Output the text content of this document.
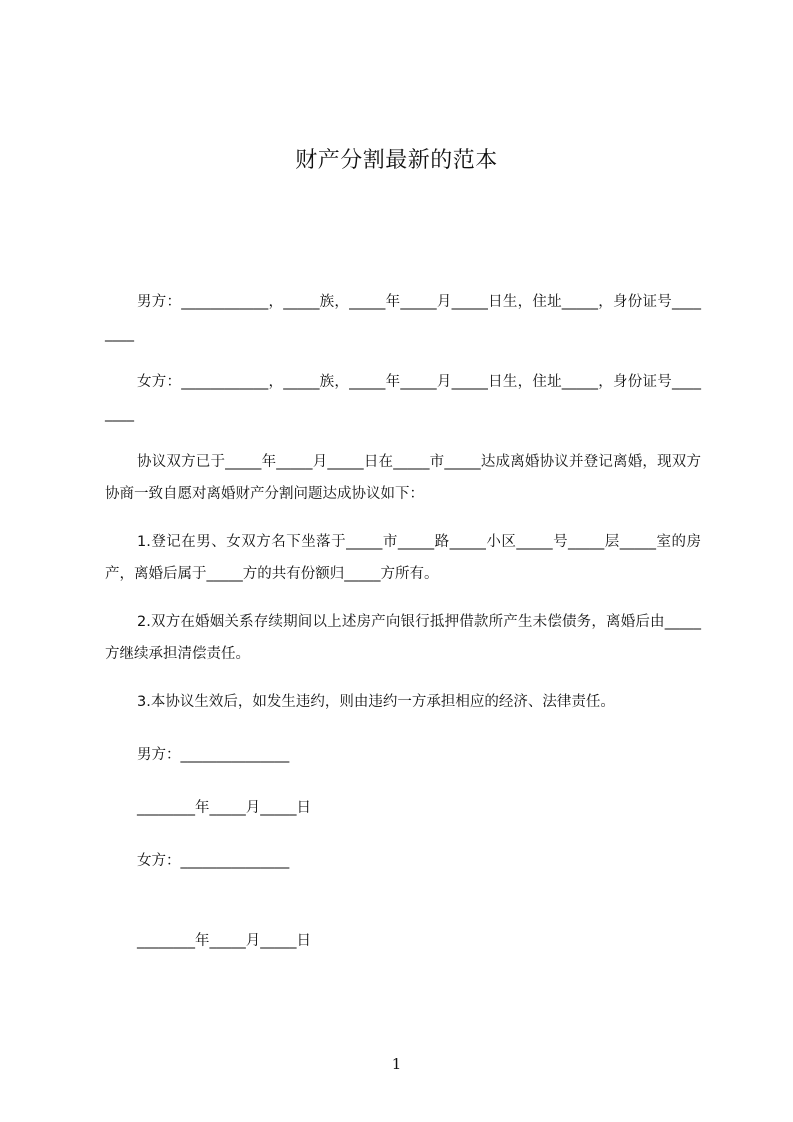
财产分割最新的范本
男方：____________，_____族，_____年_____月_____日生，住址_____，身份证号________
女方：____________，_____族，_____年_____月_____日生，住址_____，身份证号________
协议双方已于_____年_____月_____日在_____市_____达成离婚协议并登记离婚，现双方协商一致自愿对离婚财产分割问题达成协议如下：
1.登记在男、女双方名下坐落于_____市_____路_____小区_____号_____层_____室的房产，离婚后属于_____方的共有份额归_____方所有。
2.双方在婚姻关系存续期间以上述房产向银行抵押借款所产生未偿债务，离婚后由_____方继续承担清偿责任。
3.本协议生效后，如发生违约，则由违约一方承担相应的经济、法律责任。
男方：_______________
________年_____月_____日
女方：_______________
________年_____月_____日
1
